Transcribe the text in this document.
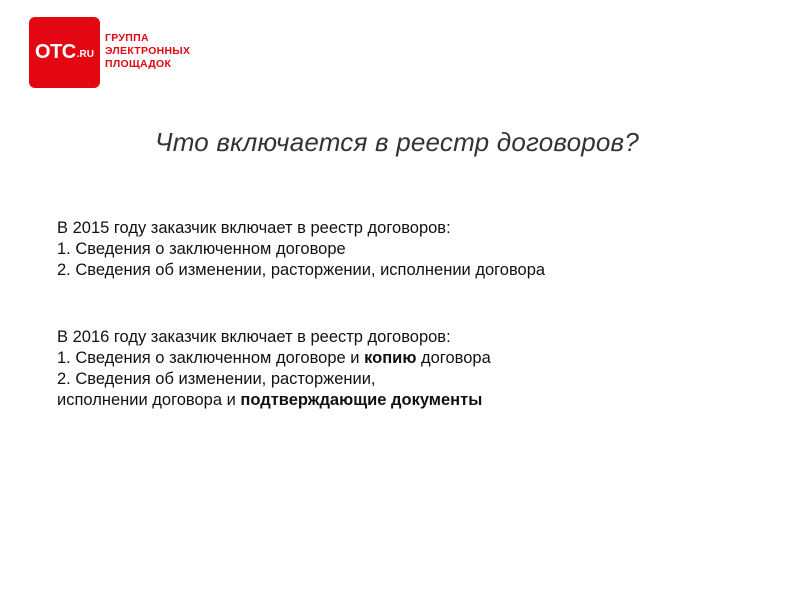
OTC .RU
ГРУППА
ЭЛЕКТРОННЫХ
ПЛОЩАДОК
Что включается в реестр договоров?
В 2015 году заказчик включает в реестр договоров:
1. Сведения о заключенном договоре
2. Сведения об изменении, расторжении, исполнении договора
В 2016 году заказчик включает в реестр договоров:
1. Сведения о заключенном договоре и копию договора
2. Сведения об изменении, расторжении,
исполнении договора и подтверждающие документы
